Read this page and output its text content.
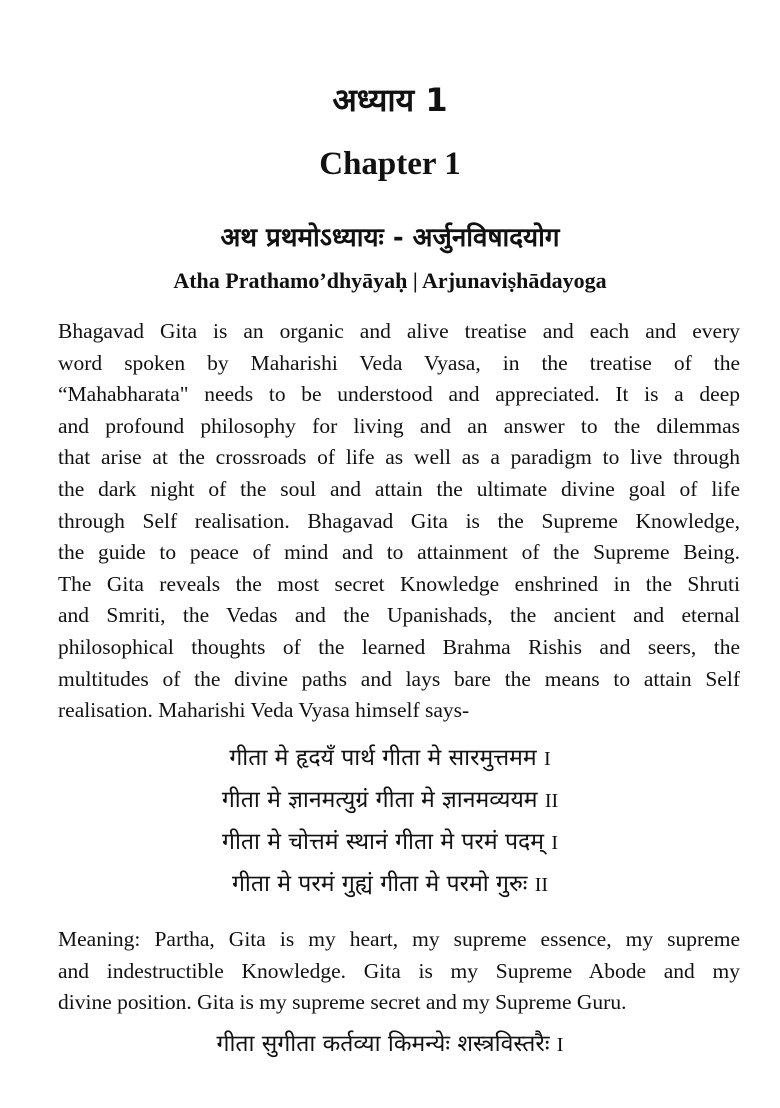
अध्याय 1
Chapter 1
अथ प्रथमोऽध्यायः - अर्जुनविषादयोग
Atha Prathamo’dhyāyaḥ | Arjunaviṣhādayoga
Bhagavad Gita is an organic and alive treatise and each and every
word spoken by Maharishi Veda Vyasa, in the treatise of the
“Mahabharata" needs to be understood and appreciated. It is a deep
and profound philosophy for living and an answer to the dilemmas
that arise at the crossroads of life as well as a paradigm to live through
the dark night of the soul and attain the ultimate divine goal of life
through Self realisation. Bhagavad Gita is the Supreme Knowledge,
the guide to peace of mind and to attainment of the Supreme Being.
The Gita reveals the most secret Knowledge enshrined in the Shruti
and Smriti, the Vedas and the Upanishads, the ancient and eternal
philosophical thoughts of the learned Brahma Rishis and seers, the
multitudes of the divine paths and lays bare the means to attain Self
realisation. Maharishi Veda Vyasa himself says-
गीता मे हृदयँ पार्थ गीता मे सारमुत्तमम I
गीता मे ज्ञानमत्युग्रं गीता मे ज्ञानमव्ययम II
गीता मे चोत्तमं स्थानं गीता मे परमं पदम् I
गीता मे परमं गुह्यं गीता मे परमो गुरुः II
Meaning: Partha, Gita is my heart, my supreme essence, my supreme
and indestructible Knowledge. Gita is my Supreme Abode and my
divine position. Gita is my supreme secret and my Supreme Guru.
गीता सुगीता कर्तव्या किमन्येः शस्त्रविस्तरैः I
